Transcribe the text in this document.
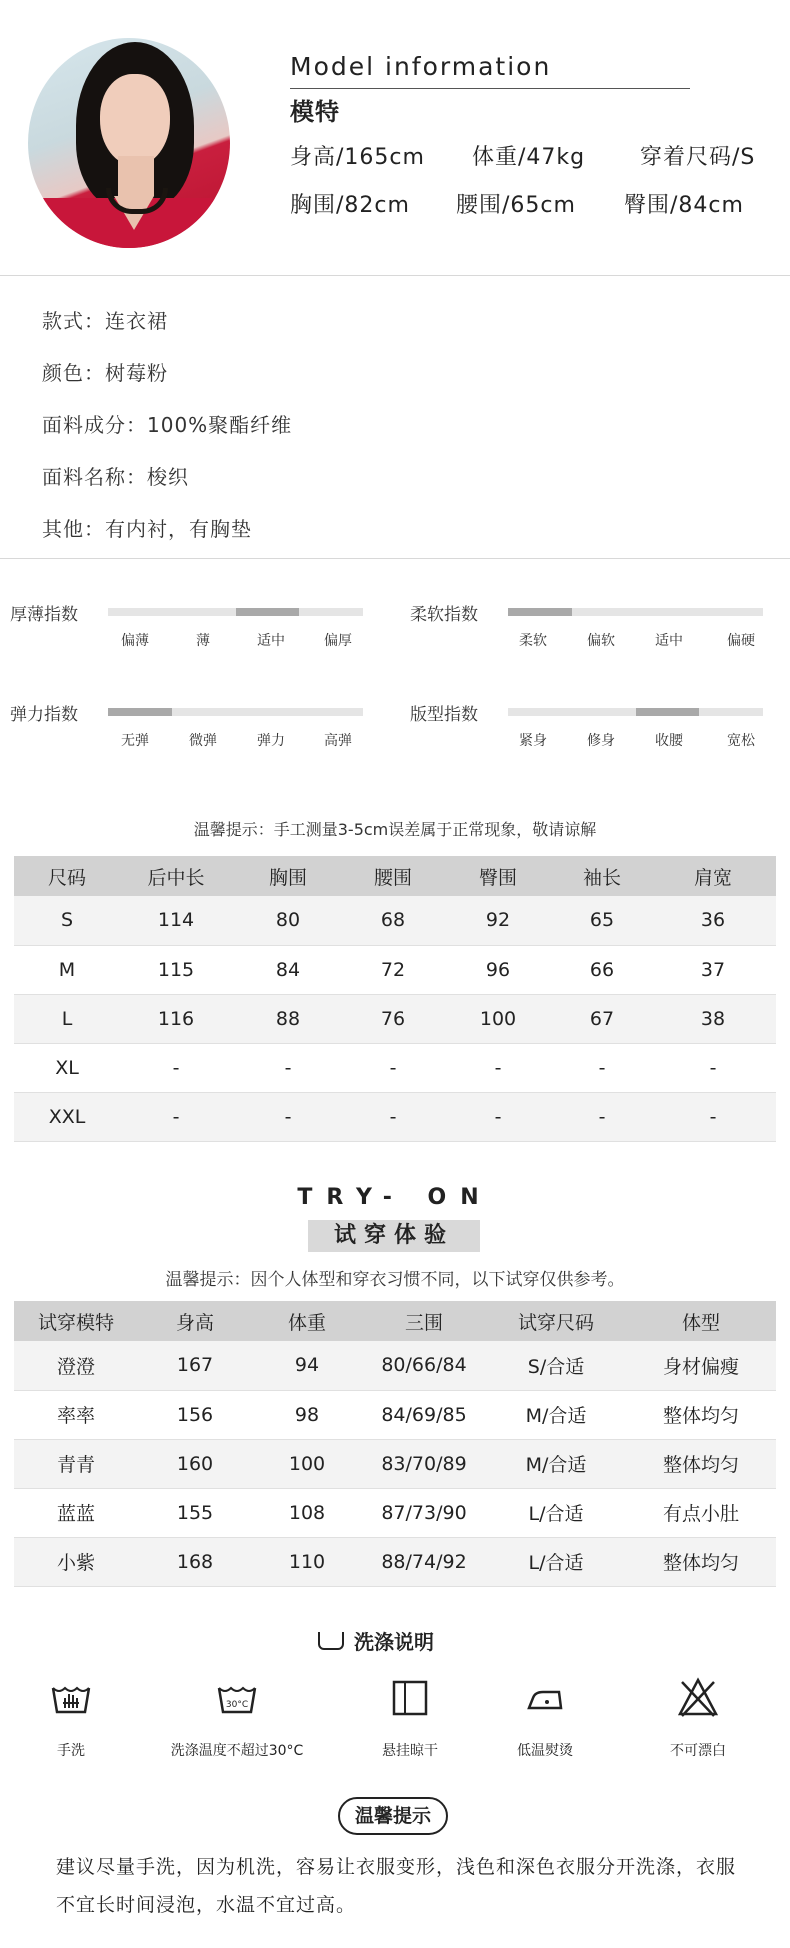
Model information
模特
身高/165cm 体重/47kg 穿着尺码/S
胸围/82cm 腰围/65cm 臀围/84cm
款式：连衣裙
颜色：树莓粉
面料成分：100%聚酯纤维
面料名称：梭织
其他：有内衬，有胸垫
厚薄指数
偏薄	薄	适中	偏厚
柔软指数
柔软	偏软	适中	偏硬
弹力指数
无弹	微弹	弹力	高弹
版型指数
紧身	修身	收腰	宽松
温馨提示：手工测量3-5cm误差属于正常现象，敬请谅解
尺码	后中长	胸围	腰围	臀围	袖长	肩宽
S	114	80	68	92	65	36
M	115	84	72	96	66	37
L	116	88	76	100	67	38
XL	-	-	-	-	-	-
XXL	-	-	-	-	-	-
TRY- ON
试穿体验
温馨提示：因个人体型和穿衣习惯不同，以下试穿仅供参考。
试穿模特	身高	体重	三围	试穿尺码	体型
澄澄	167	94	80/66/84	S/合适	身材偏瘦
率率	156	98	84/69/85	M/合适	整体均匀
青青	160	100	83/70/89	M/合适	整体均匀
蓝蓝	155	108	87/73/90	L/合适	有点小肚
小紫	168	110	88/74/92	L/合适	整体均匀
洗涤说明
手洗
30°C
洗涤温度不超过30°C	悬挂晾干	低温熨烫	不可漂白
温馨提示
建议尽量手洗，因为机洗，容易让衣服变形，浅色和深色衣服分开洗涤，衣服不宜长时间浸泡，水温不宜过高。
